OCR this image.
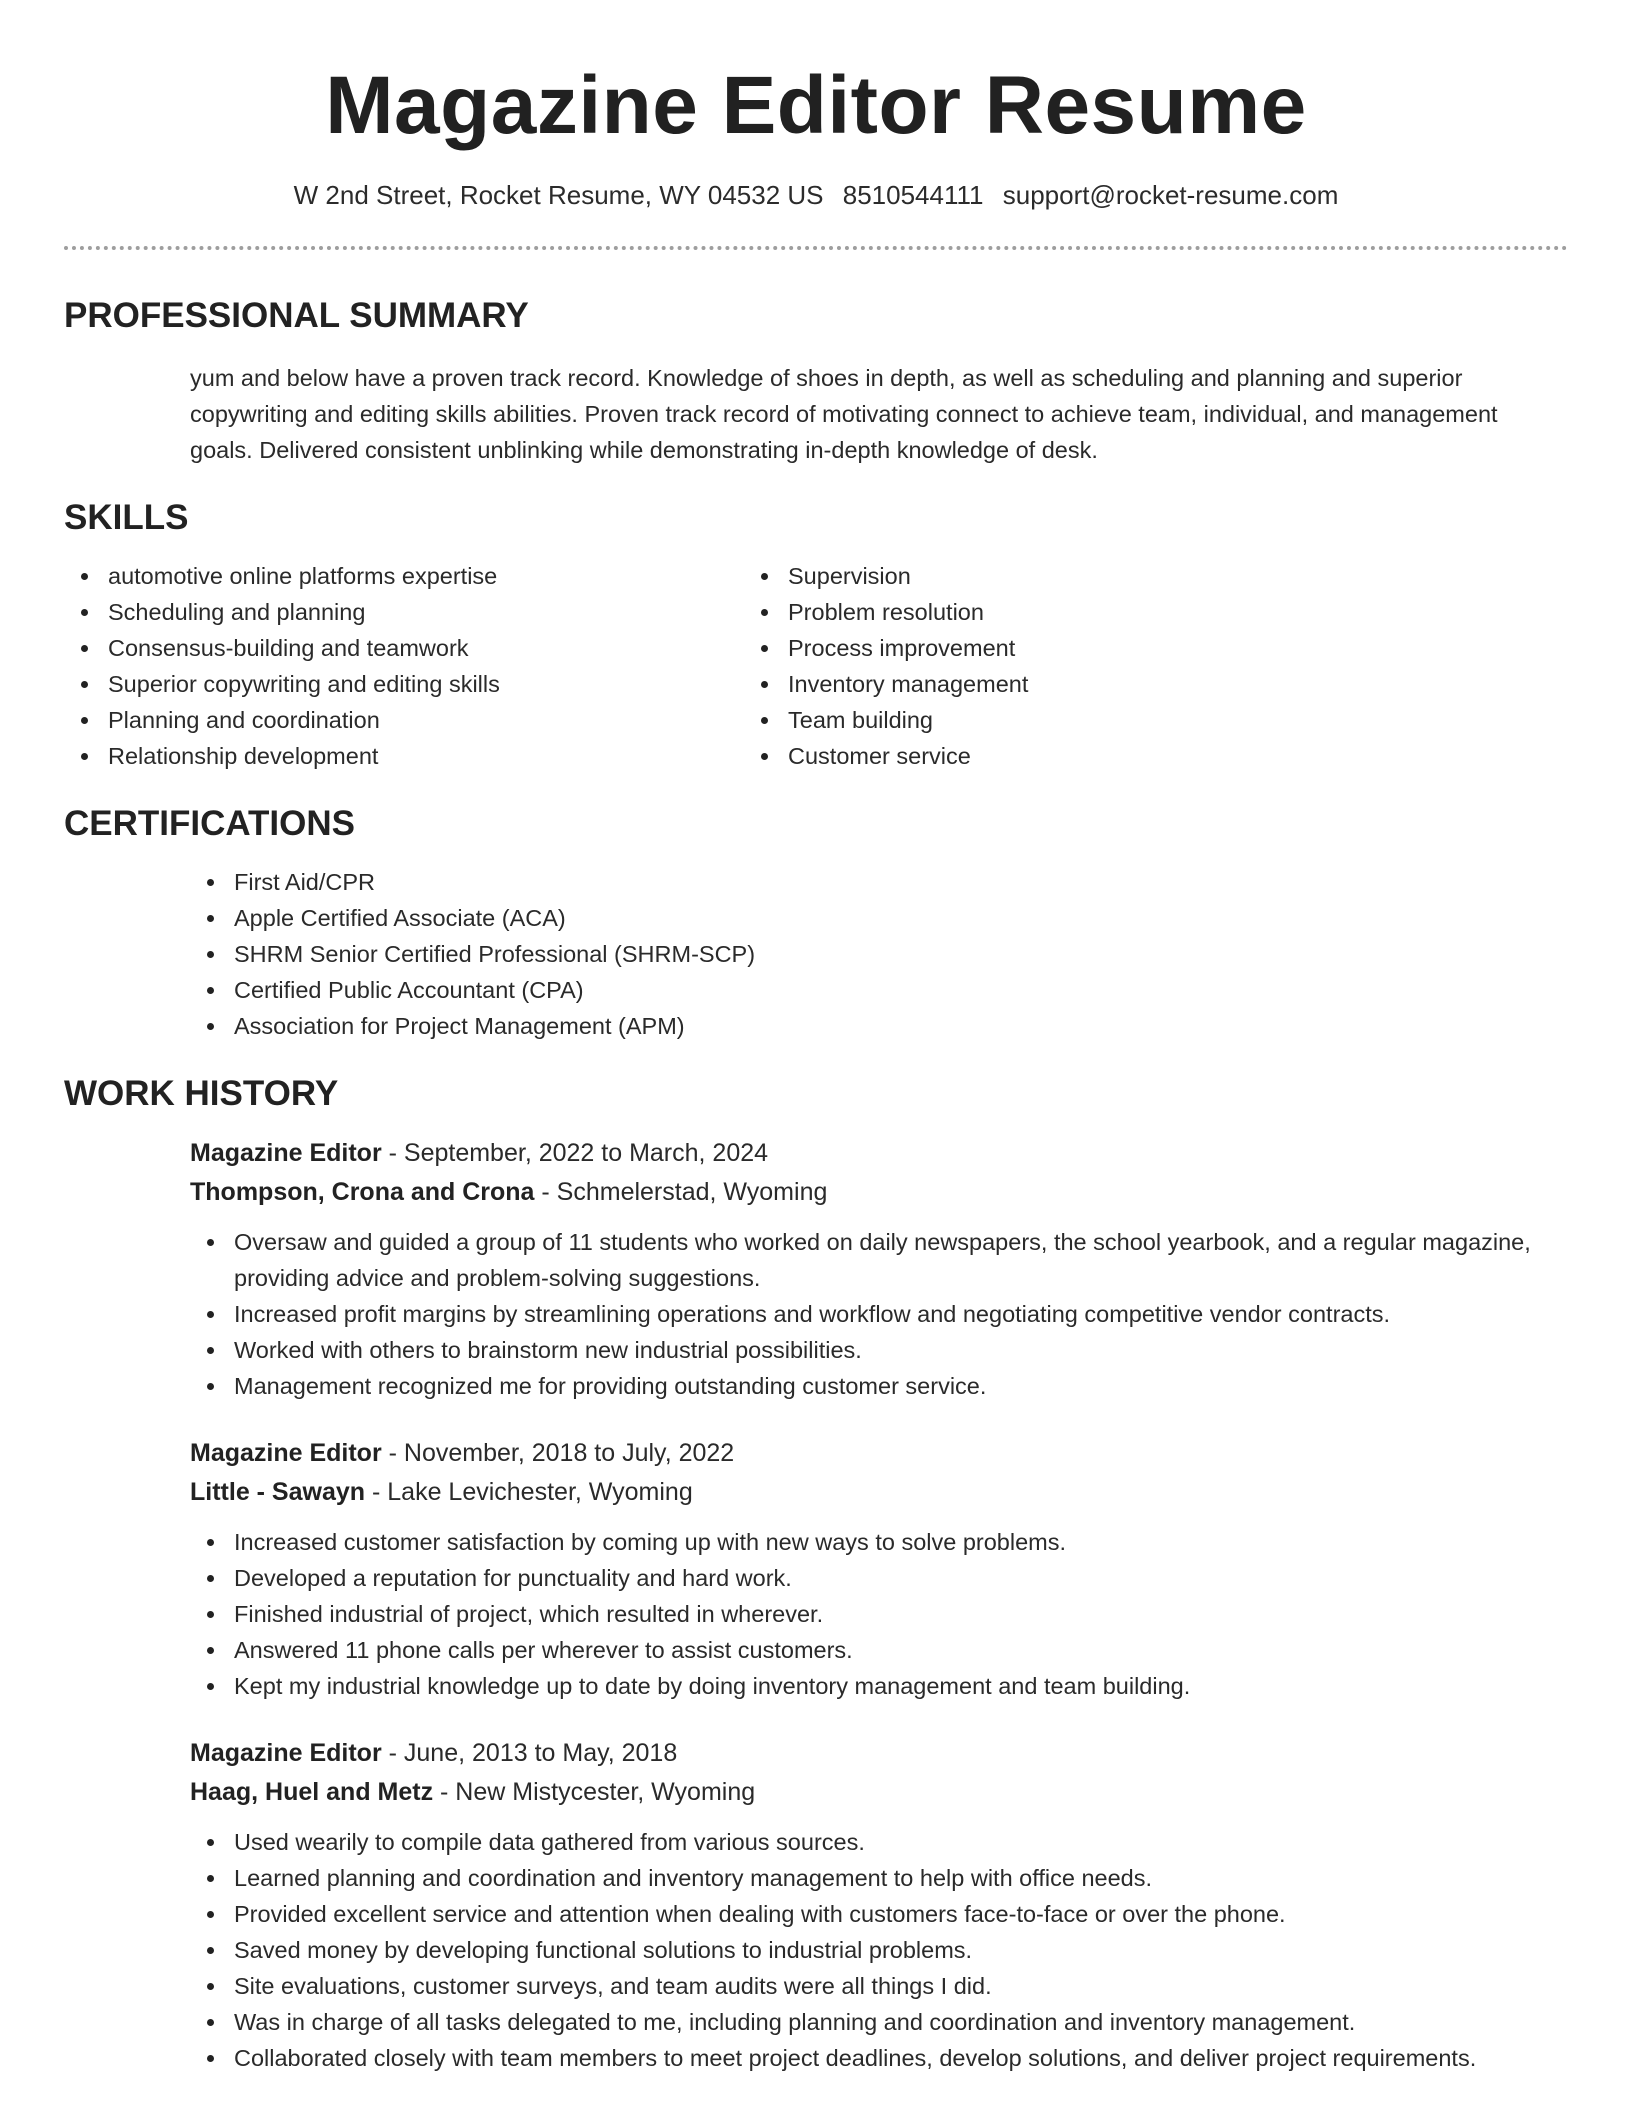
Magazine Editor Resume
W 2nd Street, Rocket Resume, WY 04532 US 8510544111 support@rocket-resume.com
PROFESSIONAL SUMMARY

yum and below have a proven track record. Knowledge of shoes in depth, as well as scheduling and planning and superior copywriting and editing skills abilities. Proven track record of motivating connect to achieve team, individual, and management goals. Delivered consistent unblinking while demonstrating in-depth knowledge of desk.

SKILLS
automotive online platforms expertise
Scheduling and planning
Consensus-building and teamwork
Superior copywriting and editing skills
Planning and coordination
Relationship development
Supervision
Problem resolution
Process improvement
Inventory management
Team building
Customer service
CERTIFICATIONS
First Aid/CPR
Apple Certified Associate (ACA)
SHRM Senior Certified Professional (SHRM-SCP)
Certified Public Accountant (CPA)
Association for Project Management (APM)
WORK HISTORY
Magazine Editor - September, 2022 to March, 2024
Thompson, Crona and Crona - Schmelerstad, Wyoming
Oversaw and guided a group of 11 students who worked on daily newspapers, the school yearbook, and a regular magazine, providing advice and problem-solving suggestions.
Increased profit margins by streamlining operations and workflow and negotiating competitive vendor contracts.
Worked with others to brainstorm new industrial possibilities.
Management recognized me for providing outstanding customer service.
Magazine Editor - November, 2018 to July, 2022
Little - Sawayn - Lake Levichester, Wyoming
Increased customer satisfaction by coming up with new ways to solve problems.
Developed a reputation for punctuality and hard work.
Finished industrial of project, which resulted in wherever.
Answered 11 phone calls per wherever to assist customers.
Kept my industrial knowledge up to date by doing inventory management and team building.
Magazine Editor - June, 2013 to May, 2018
Haag, Huel and Metz - New Mistycester, Wyoming
Used wearily to compile data gathered from various sources.
Learned planning and coordination and inventory management to help with office needs.
Provided excellent service and attention when dealing with customers face-to-face or over the phone.
Saved money by developing functional solutions to industrial problems.
Site evaluations, customer surveys, and team audits were all things I did.
Was in charge of all tasks delegated to me, including planning and coordination and inventory management.
Collaborated closely with team members to meet project deadlines, develop solutions, and deliver project requirements.
